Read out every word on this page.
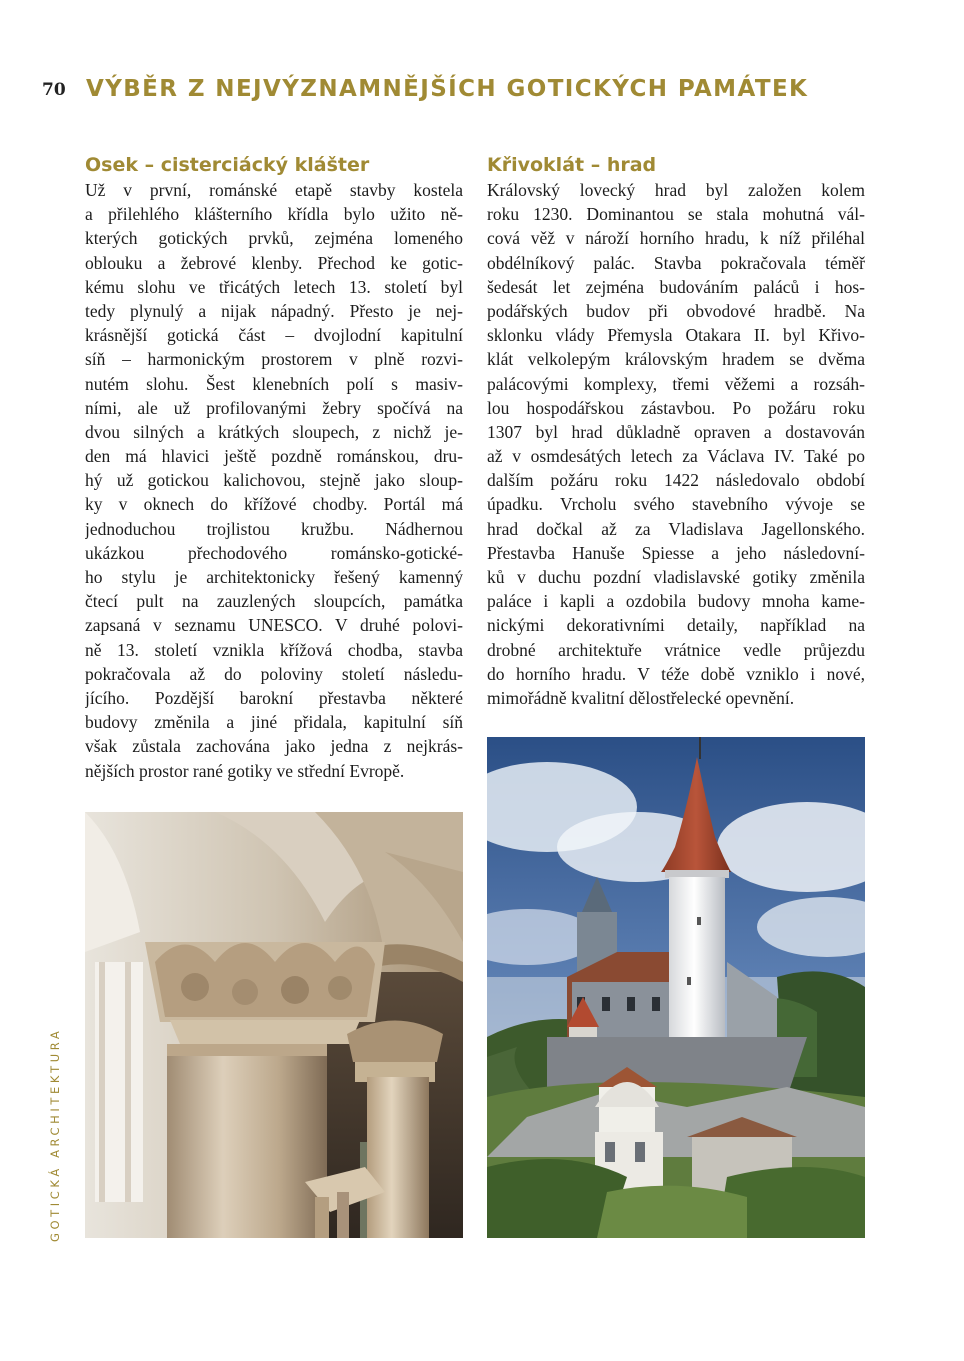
70 VÝBĚR Z NEJVÝZNAMNĚJŠÍCH GOTICKÝCH PAMÁTEK
GOTICKÁ ARCHITEKTURA
Osek – cisterciácký klášter
Už v první, románské etapě stavby kostela
a přilehlého klášterního křídla bylo užito ně-
kterých gotických prvků, zejména lomeného
oblouku a žebrové klenby. Přechod ke gotic-
kému slohu ve třicátých letech 13. století byl
tedy plynulý a nijak nápadný. Přesto je nej-
krásnější gotická část – dvojlodní kapitulní
síň – harmonickým prostorem v plně rozvi-
nutém slohu. Šest klenebních polí s masiv-
ními, ale už profilovanými žebry spočívá na
dvou silných a krátkých sloupech, z nichž je-
den má hlavici ještě pozdně románskou, dru-
hý už gotickou kalichovou, stejně jako sloup-
ky v oknech do křížové chodby. Portál má
jednoduchou trojlistou kružbu. Nádhernou
ukázkou přechodového románsko-gotické-
ho stylu je architektonicky řešený kamenný
čtecí pult na zauzlených sloupcích, památka
zapsaná v seznamu UNESCO. V druhé polovi-
ně 13. století vznikla křížová chodba, stavba
pokračovala až do poloviny století následu-
jícího. Pozdější barokní přestavba některé
budovy změnila a jiné přidala, kapitulní síň
však zůstala zachována jako jedna z nejkrás-
nějších prostor rané gotiky ve střední Evropě.
Křivoklát – hrad
Královský lovecký hrad byl založen kolem
roku 1230. Dominantou se stala mohutná vál-
cová věž v nároží horního hradu, k níž přiléhal
obdélníkový palác. Stavba pokračovala téměř
šedesát let zejména budováním paláců i hos-
podářských budov při obvodové hradbě. Na
sklonku vlády Přemysla Otakara II. byl Křivo-
klát velkolepým královským hradem se dvěma
palácovými komplexy, třemi věžemi a rozsáh-
lou hospodářskou zástavbou. Po požáru roku
1307 byl hrad důkladně opraven a dostavován
až v osmdesátých letech za Václava IV. Také po
dalším požáru roku 1422 následovalo období
úpadku. Vrcholu svého stavebního vývoje se
hrad dočkal až za Vladislava Jagellonského.
Přestavba Hanuše Spiesse a jeho následovní-
ků v duchu pozdní vladislavské gotiky změnila
paláce i kapli a ozdobila budovy mnoha kame-
nickými dekorativními detaily, například na
drobné architektuře vrátnice vedle průjezdu
do horního hradu. V téže době vzniklo i nové,
mimořádně kvalitní dělostřelecké opevnění.
